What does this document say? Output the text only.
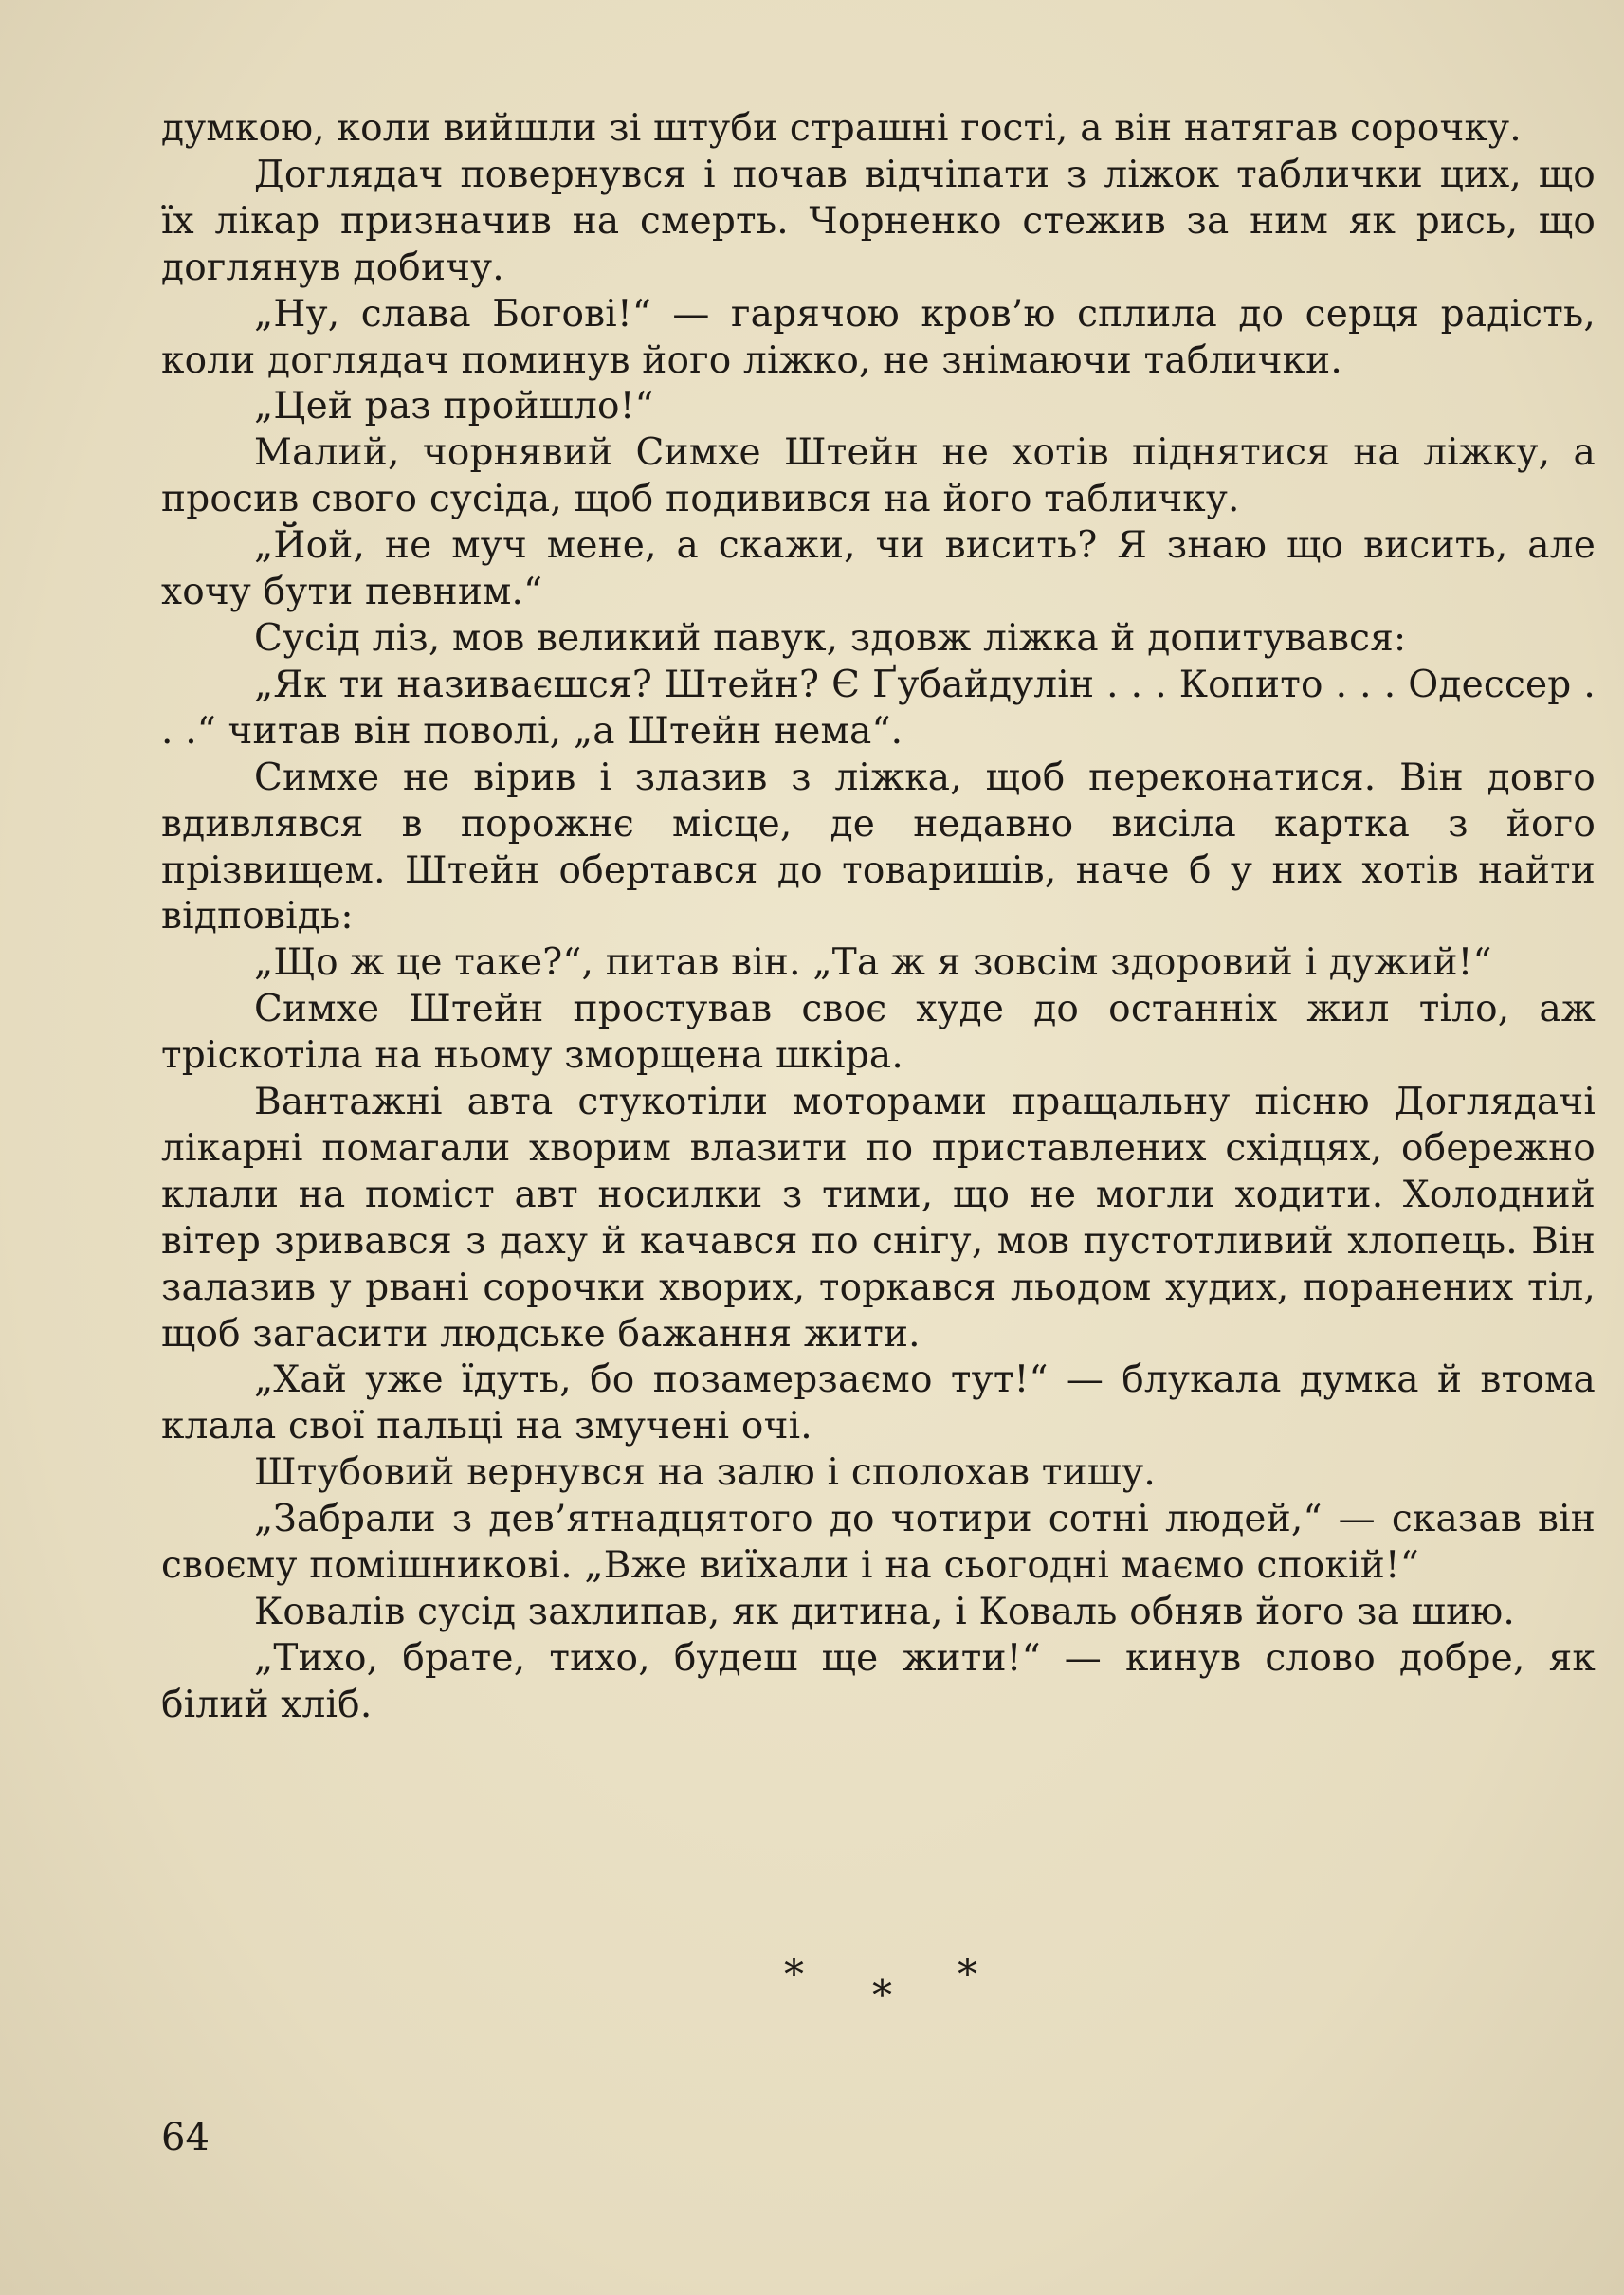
думкою, коли вийшли зі штуби страшні гості, а він натягав сорочку.

Доглядач повернувся і почав відчіпати з ліжок таблички цих, що їх лікар призначив на смерть. Чорненко стежив за ним як рись, що доглянув добичу.

„Ну, слава Богові!“ — гарячою кров’ю сплила до серця радість, коли доглядач поминув його ліжко, не знімаючи таблички.

„Цей раз пройшло!“

Малий, чорнявий Симхе Штейн не хотів піднятися на ліжку, а просив свого сусіда, щоб подивився на його табличку.

„Йой, не муч мене, а скажи, чи висить? Я знаю що висить, але хочу бути певним.“

Сусід ліз, мов великий павук, здовж ліжка й допитувався:

„Як ти називаєшся? Штейн? Є Ґубайдулін . . . Копито . . . Одессер . . .“ читав він поволі, „а Штейн нема“.

Симхе не вірив і злазив з ліжка, щоб переконатися. Він довго вдивлявся в порожнє місце, де недавно висіла картка з його прізвищем. Штейн обертався до товаришів, наче б у них хотів найти відповідь:

„Що ж це таке?“, питав він. „Та ж я зовсім здоровий і дужий!“

Симхе Штейн простував своє худе до останніх жил тіло, аж тріскотіла на ньому зморщена шкіра.

Вантажні авта стукотіли моторами пращальну пісню Доглядачі лікарні помагали хворим влазити по приставлених східцях, обережно клали на поміст авт носилки з тими, що не могли ходити. Холодний вітер зривався з даху й качався по снігу, мов пустотливий хлопець. Він залазив у рвані сорочки хворих, торкався льодом худих, поранених тіл, щоб загасити людське бажання жити.

„Хай уже їдуть, бо позамерзаємо тут!“ — блукала думка й втома клала свої пальці на змучені очі.

Штубовий вернувся на залю і сполохав тишу.

„Забрали з дев’ятнадцятого до чотири сотні людей,“ — сказав він своєму помішникові. „Вже виїхали і на сьогодні маємо спокій!“

Ковалів сусід захлипав, як дитина, і Коваль обняв його за шию.

„Тихо, брате, тихо, будеш ще жити!“ — кинув слово добре, як білий хліб.

* * *
64
